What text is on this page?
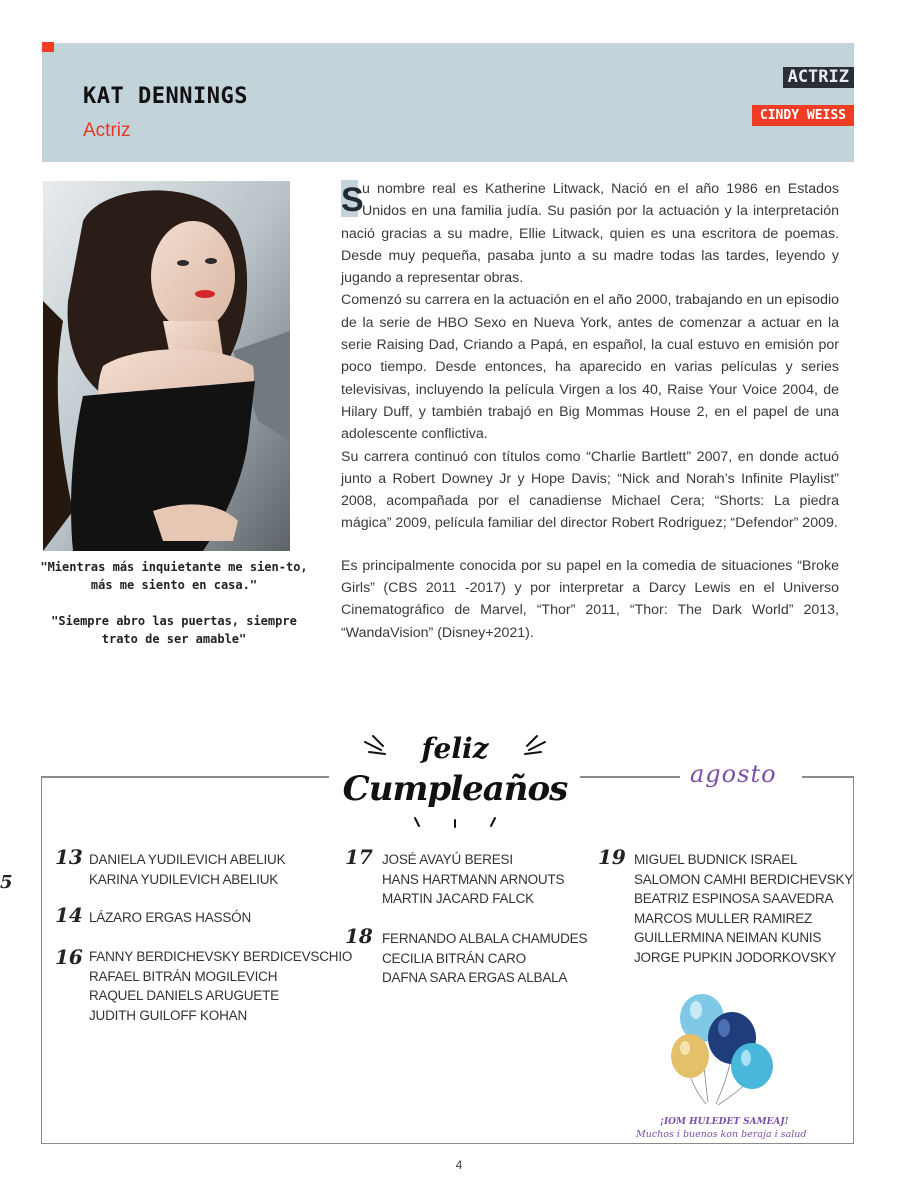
KAT DENNINGS
Actriz
ACTRIZ
CINDY WEISS
"Mientras más inquietante me sien-to, más me siento en casa."
"Siempre abro las puertas, siempre trato de ser amable"

S
u nombre real es Katherine Litwack, Nació en el año 1986 en Estados Unidos en una familia judía. Su pasión por la actuación y la interpretación nació gracias a su madre, Ellie Litwack, quien es una escritora de poemas. Desde muy pequeña, pasaba junto a su madre todas las tardes, leyendo y jugando a representar obras.

Comenzó su carrera en la actuación en el año 2000, trabajando en un episodio de la serie de HBO Sexo en Nueva York, antes de comenzar a actuar en la serie Raising Dad, Criando a Papá, en español, la cual estuvo en emisión por poco tiempo. Desde entonces, ha aparecido en varias películas y series televisivas, incluyendo la película Virgen a los 40, Raise Your Voice 2004, de Hilary Duff, y también trabajó en Big Mommas House 2, en el papel de una adolescente conflictiva.

Su carrera continuó con títulos como “Charlie Bartlett” 2007, en donde actuó junto a Robert Downey Jr y Hope Davis; “Nick and Norah’s Infinite Playlist” 2008, acompañada por el canadiense Michael Cera; “Shorts: La piedra mágica” 2009, película familiar del director Robert Rodriguez; “Defendor” 2009.

Es principalmente conocida por su papel en la comedia de situaciones “Broke Girls” (CBS 2011 -2017) y por interpretar a Darcy Lewis en el Universo Cinematográfico de Marvel, “Thor” 2011, “Thor: The Dark World” 2013, “WandaVision” (Disney+2021).

feliz
Cumpleaños	agosto
5
13 DANIELA YUDILEVICH ABELIUK
KARINA YUDILEVICH ABELIUK
14 LÁZARO ERGAS HASSÓN
16 FANNY BERDICHEVSKY BERDICEVSCHIO
RAFAEL BITRÁN MOGILEVICH
RAQUEL DANIELS ARUGUETE
JUDITH GUILOFF KOHAN
17 JOSÉ AVAYÚ BERESI
HANS HARTMANN ARNOUTS
MARTIN JACARD FALCK
18 FERNANDO ALBALA CHAMUDES
CECILIA BITRÁN CARO
DAFNA SARA ERGAS ALBALA
19 MIGUEL BUDNICK ISRAEL
SALOMON CAMHI BERDICHEVSKY
BEATRIZ ESPINOSA SAAVEDRA
MARCOS MULLER RAMIREZ
GUILLERMINA NEIMAN KUNIS
JORGE PUPKIN JODORKOVSKY
¡IOM HULEDET SAMEAJ!
Muchos i buenos kon beraja i salud
4
